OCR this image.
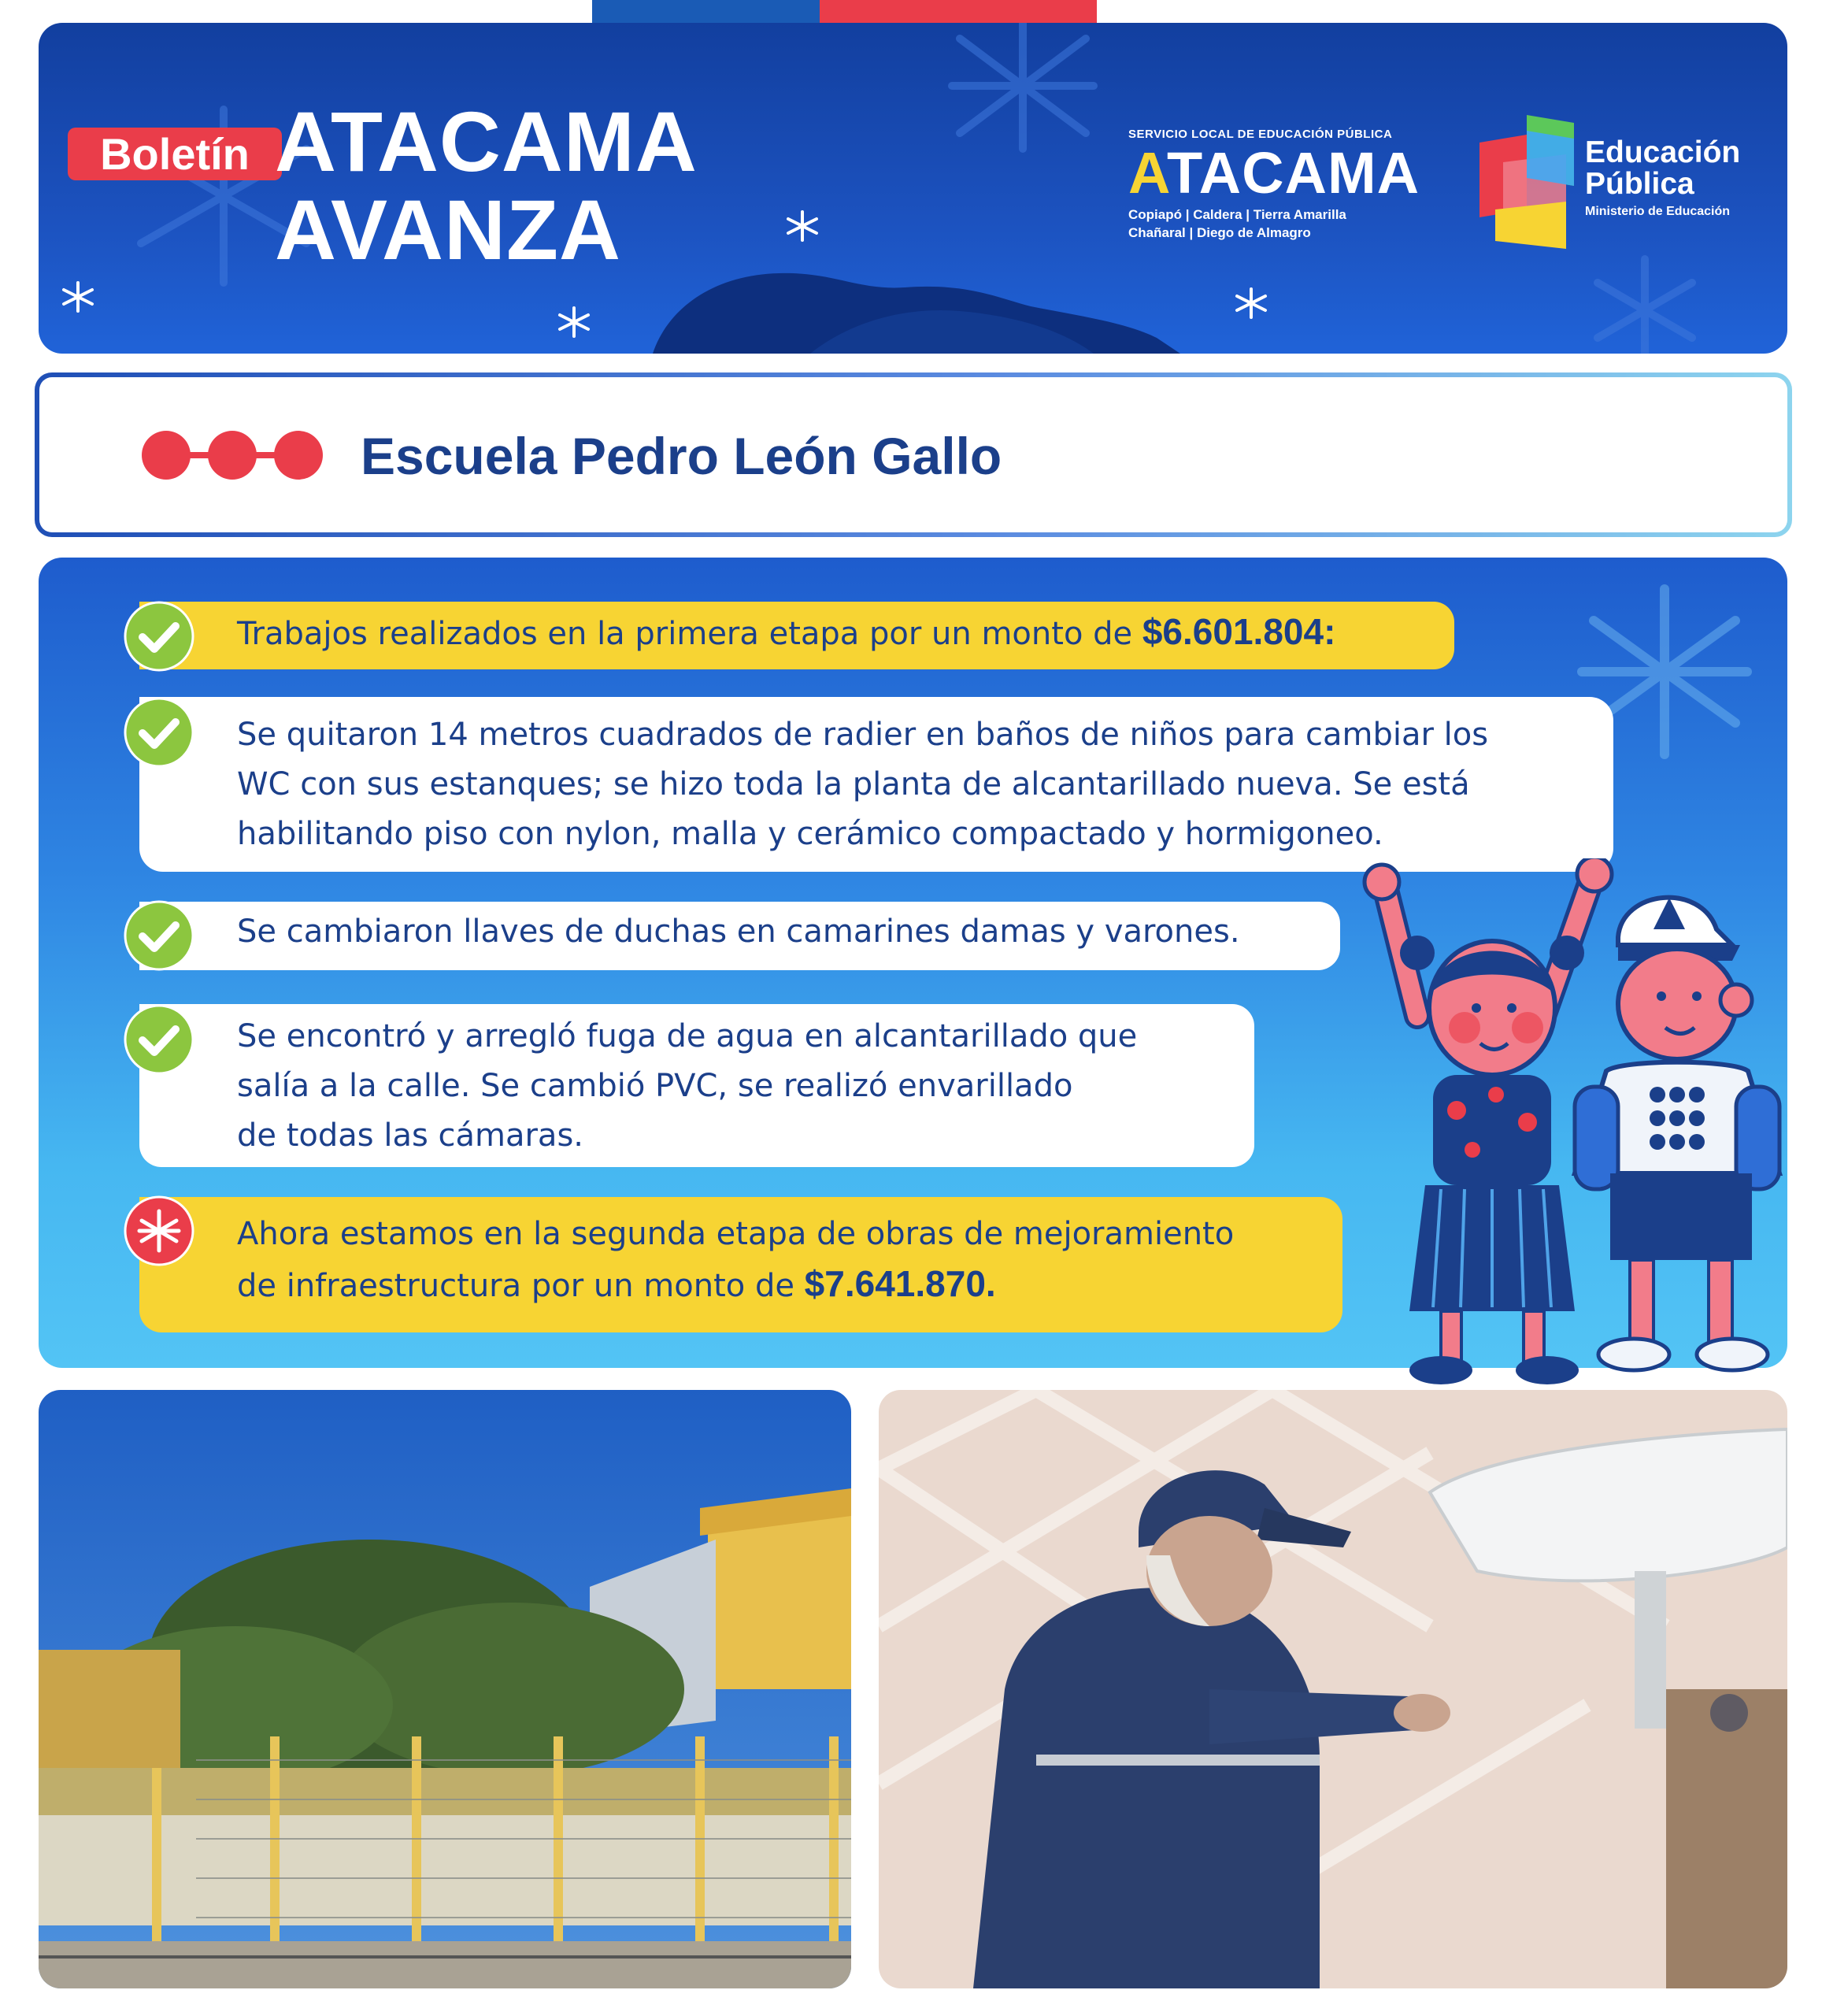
Boletín ATACAMA
AVANZA
SERVICIO LOCAL DE EDUCACIÓN PÚBLICA
ATACAMA
Copiapó | Caldera | Tierra Amarilla
Chañaral | Diego de Almagro
Educación
Pública
Ministerio de Educación
Escuela Pedro León Gallo
Trabajos realizados en la primera etapa por un monto de $6.601.804:
Se quitaron 14 metros cuadrados de radier en baños de niños para cambiar los
WC con sus estanques; se hizo toda la planta de alcantarillado nueva. Se está
habilitando piso con nylon, malla y cerámico compactado y hormigoneo.
Se cambiaron llaves de duchas en camarines damas y varones.
Se encontró y arregló fuga de agua en alcantarillado que
salía a la calle. Se cambió PVC, se realizó envarillado
de todas las cámaras.
Ahora estamos en la segunda etapa de obras de mejoramiento
de infraestructura por un monto de $7.641.870.
